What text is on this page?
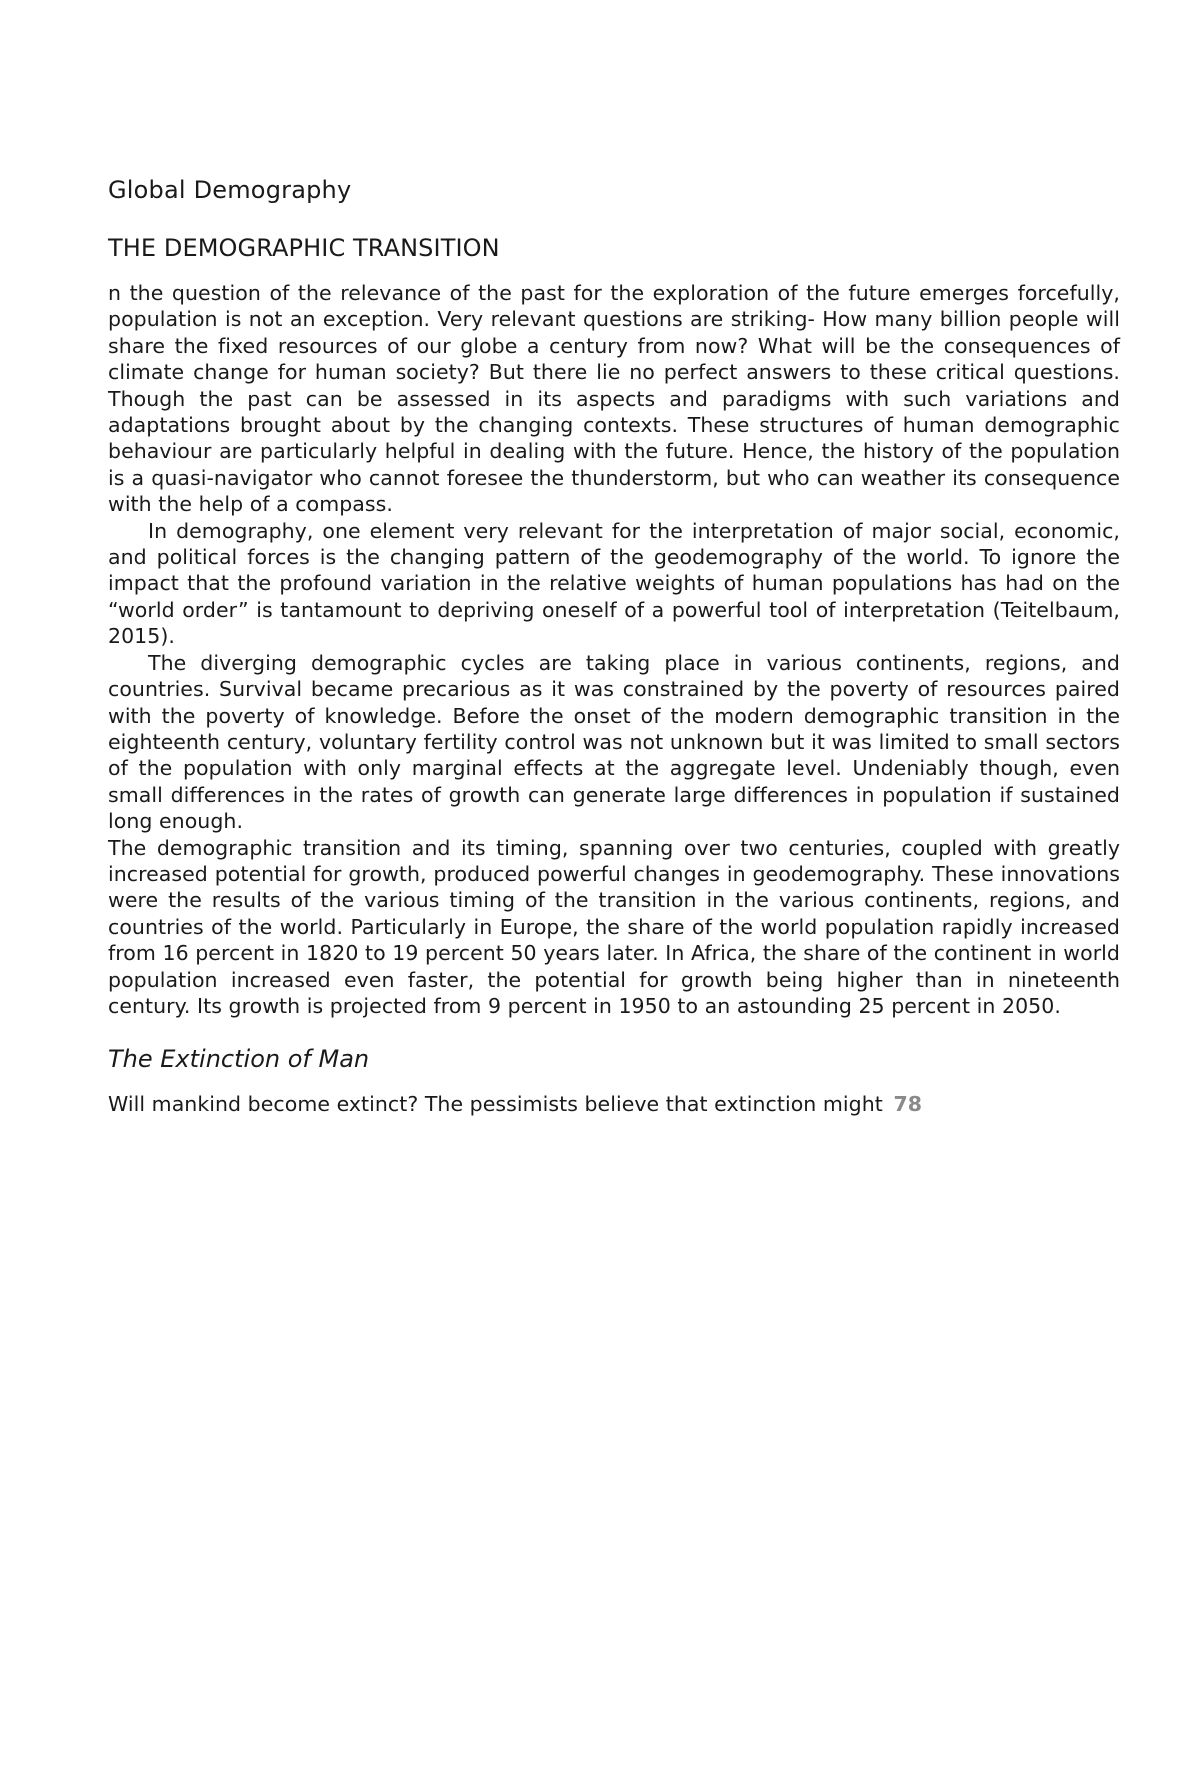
Global Demography
THE DEMOGRAPHIC TRANSITION

n the question of the relevance of the past for the exploration of the future emerges forcefully, population is not an exception. Very relevant questions are striking- How many billion people will share the fixed resources of our globe a century from now? What will be the consequences of climate change for human society? But there lie no perfect answers to these critical questions. Though the past can be assessed in its aspects and paradigms with such variations and adaptations brought about by the changing contexts. These structures of human demographic behaviour are particularly helpful in dealing with the future. Hence, the history of the population is a quasi-navigator who cannot foresee the thunderstorm, but who can weather its consequence with the help of a compass.

In demography, one element very relevant for the interpretation of major social, economic, and political forces is the changing pattern of the geodemography of the world. To ignore the impact that the profound variation in the relative weights of human populations has had on the “world order” is tantamount to depriving oneself of a powerful tool of interpretation (Teitelbaum, 2015).

The diverging demographic cycles are taking place in various continents, regions, and countries. Survival became precarious as it was constrained by the poverty of resources paired with the poverty of knowledge. Before the onset of the modern demographic transition in the eighteenth century, voluntary fertility control was not unknown but it was limited to small sectors of the population with only marginal effects at the aggregate level. Undeniably though, even small differences in the rates of growth can generate large differences in population if sustained long enough.

The demographic transition and its timing, spanning over two centuries, coupled with greatly increased potential for growth, produced powerful changes in geodemography. These innovations were the results of the various timing of the transition in the various continents, regions, and countries of the world. Particularly in Europe, the share of the world population rapidly increased from 16 percent in 1820 to 19 percent 50 years later. In Africa, the share of the continent in world population increased even faster, the potential for growth being higher than in nineteenth century. Its growth is projected from 9 percent in 1950 to an astounding 25 percent in 2050.

The Extinction of Man

Will mankind become extinct? The pessimists believe that extinction might 78
